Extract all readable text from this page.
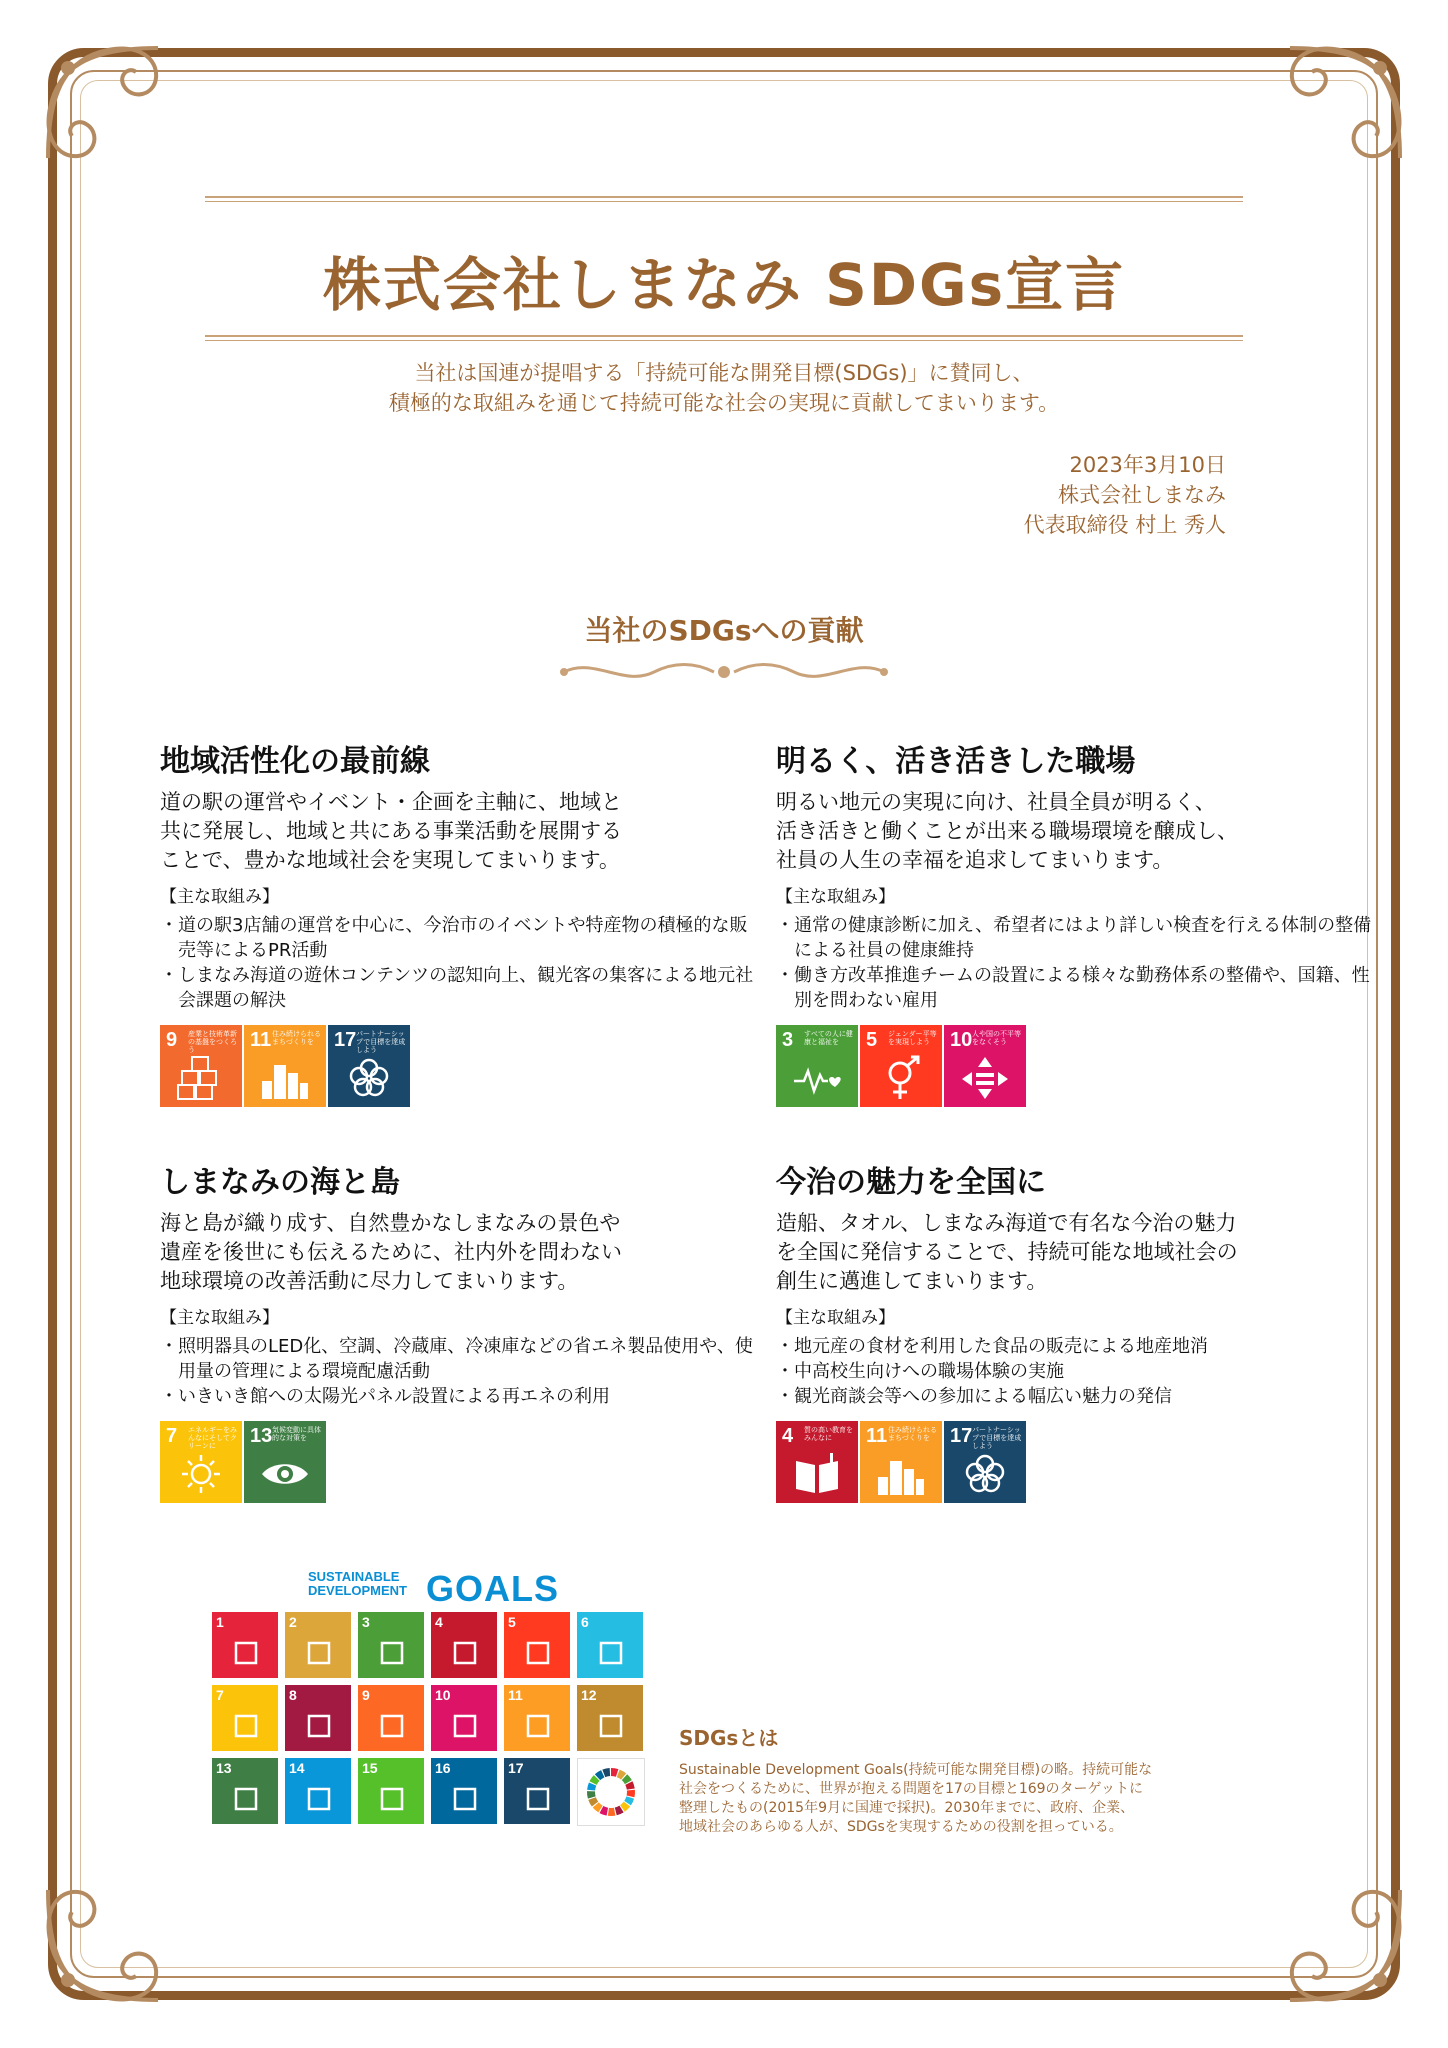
株式会社しまなみ SDGs宣言
当社は国連が提唱する「持続可能な開発目標(SDGs)」に賛同し、
積極的な取組みを通じて持続可能な社会の実現に貢献してまいります。
2023年3月10日
株式会社しまなみ
代表取締役 村上 秀人
当社のSDGsへの貢献
地域活性化の最前線
道の駅の運営やイベント・企画を主軸に、地域と
共に発展し、地域と共にある事業活動を展開する
ことで、豊かな地域社会を実現してまいります。
【主な取組み】
・道の駅3店舗の運営を中心に、今治市のイベントや特産物の積極的な販売等によるPR活動
・しまなみ海道の遊休コンテンツの認知向上、観光客の集客による地元社会課題の解決
9	産業と技術革新の基盤をつくろう	11 住み続けられるまちづくりを	17 パートナーシップで目標を達成しよう
明るく、活き活きした職場
明るい地元の実現に向け、社員全員が明るく、
活き活きと働くことが出来る職場環境を醸成し、
社員の人生の幸福を追求してまいります。
【主な取組み】
・通常の健康診断に加え、希望者にはより詳しい検査を行える体制の整備による社員の健康維持
・働き方改革推進チームの設置による様々な勤務体系の整備や、国籍、性別を問わない雇用
3	すべての人に健康と福祉を	5	ジェンダー平等を実現しよう	10 人や国の不平等をなくそう
しまなみの海と島
海と島が織り成す、自然豊かなしまなみの景色や
遺産を後世にも伝えるために、社内外を問わない
地球環境の改善活動に尽力してまいります。
【主な取組み】
・照明器具のLED化、空調、冷蔵庫、冷凍庫などの省エネ製品使用や、使用量の管理による環境配慮活動
・いきいき館への太陽光パネル設置による再エネの利用
7	エネルギーをみんなにそしてクリーンに	13 気候変動に具体的な対策を
今治の魅力を全国に
造船、タオル、しまなみ海道で有名な今治の魅力
を全国に発信することで、持続可能な地域社会の
創生に邁進してまいります。
【主な取組み】
・地元産の食材を利用した食品の販売による地産地消
・中高校生向けへの職場体験の実施
・観光商談会等への参加による幅広い魅力の発信
4	質の高い教育をみんなに	11 住み続けられるまちづくりを	17 パートナーシップで目標を達成しよう
SUSTAINABLE
DEVELOPMENT GOALS
1	2	3	4	5	6
7	8	9	10	11	12
13	14	15	16	17
SDGsとは
Sustainable Development Goals(持続可能な開発目標)の略。持続可能な
社会をつくるために、世界が抱える問題を17の目標と169のターゲットに
整理したもの(2015年9月に国連で採択)。2030年までに、政府、企業、
地域社会のあらゆる人が、SDGsを実現するための役割を担っている。
